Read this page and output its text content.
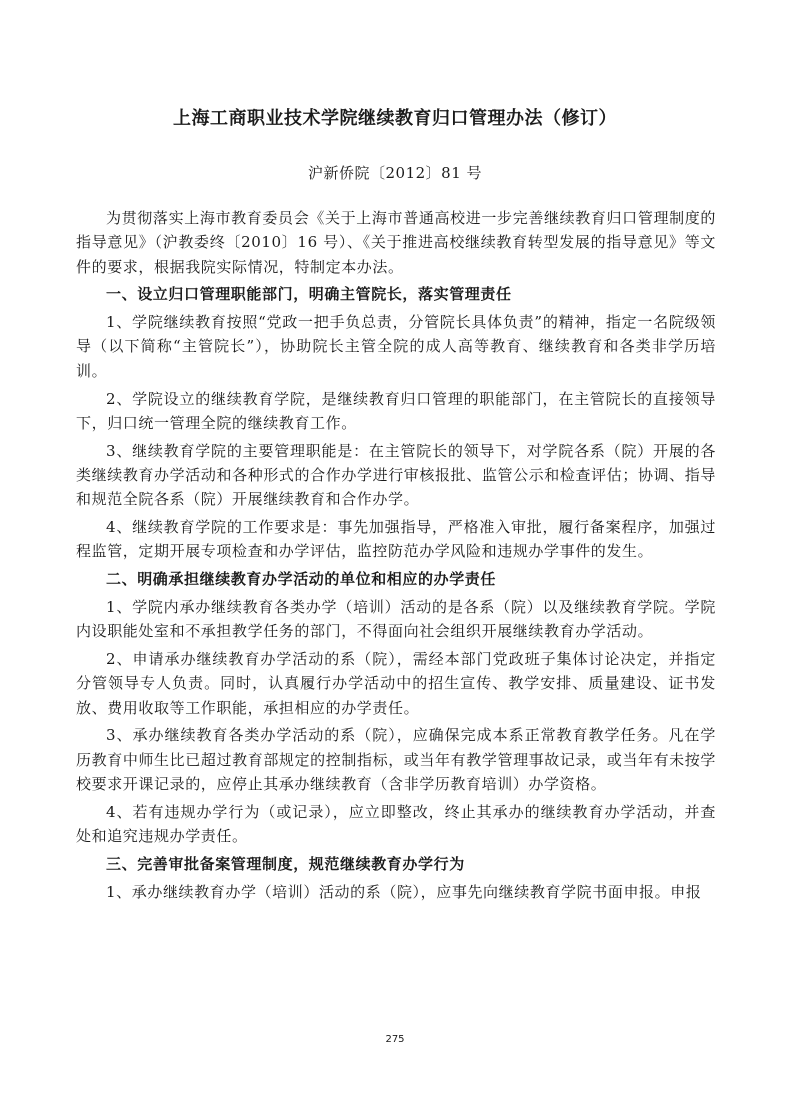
上海工商职业技术学院继续教育归口管理办法（修订）
沪新侨院〔2012〕81 号

为贯彻落实上海市教育委员会《关于上海市普通高校进一步完善继续教育归口管理制度的指导意见》（沪教委终〔2010〕16 号）、《关于推进高校继续教育转型发展的指导意见》等文件的要求，根据我院实际情况，特制定本办法。

一、设立归口管理职能部门，明确主管院长，落实管理责任

1、学院继续教育按照“党政一把手负总责，分管院长具体负责”的精神，指定一名院级领导（以下简称“主管院长”），协助院长主管全院的成人高等教育、继续教育和各类非学历培训。

2、学院设立的继续教育学院，是继续教育归口管理的职能部门，在主管院长的直接领导下，归口统一管理全院的继续教育工作。

3、继续教育学院的主要管理职能是：在主管院长的领导下，对学院各系（院）开展的各类继续教育办学活动和各种形式的合作办学进行审核报批、监管公示和检查评估；协调、指导和规范全院各系（院）开展继续教育和合作办学。

4、继续教育学院的工作要求是：事先加强指导，严格准入审批，履行备案程序，加强过程监管，定期开展专项检查和办学评估，监控防范办学风险和违规办学事件的发生。

二、明确承担继续教育办学活动的单位和相应的办学责任

1、学院内承办继续教育各类办学（培训）活动的是各系（院）以及继续教育学院。学院内设职能处室和不承担教学任务的部门，不得面向社会组织开展继续教育办学活动。

2、申请承办继续教育办学活动的系（院），需经本部门党政班子集体讨论决定，并指定分管领导专人负责。同时，认真履行办学活动中的招生宣传、教学安排、质量建设、证书发放、费用收取等工作职能，承担相应的办学责任。

3、承办继续教育各类办学活动的系（院），应确保完成本系正常教育教学任务。凡在学历教育中师生比已超过教育部规定的控制指标，或当年有教学管理事故记录，或当年有未按学校要求开课记录的，应停止其承办继续教育（含非学历教育培训）办学资格。

4、若有违规办学行为（或记录），应立即整改，终止其承办的继续教育办学活动，并查处和追究违规办学责任。

三、完善审批备案管理制度，规范继续教育办学行为

1、承办继续教育办学（培训）活动的系（院），应事先向继续教育学院书面申报。申报

275
